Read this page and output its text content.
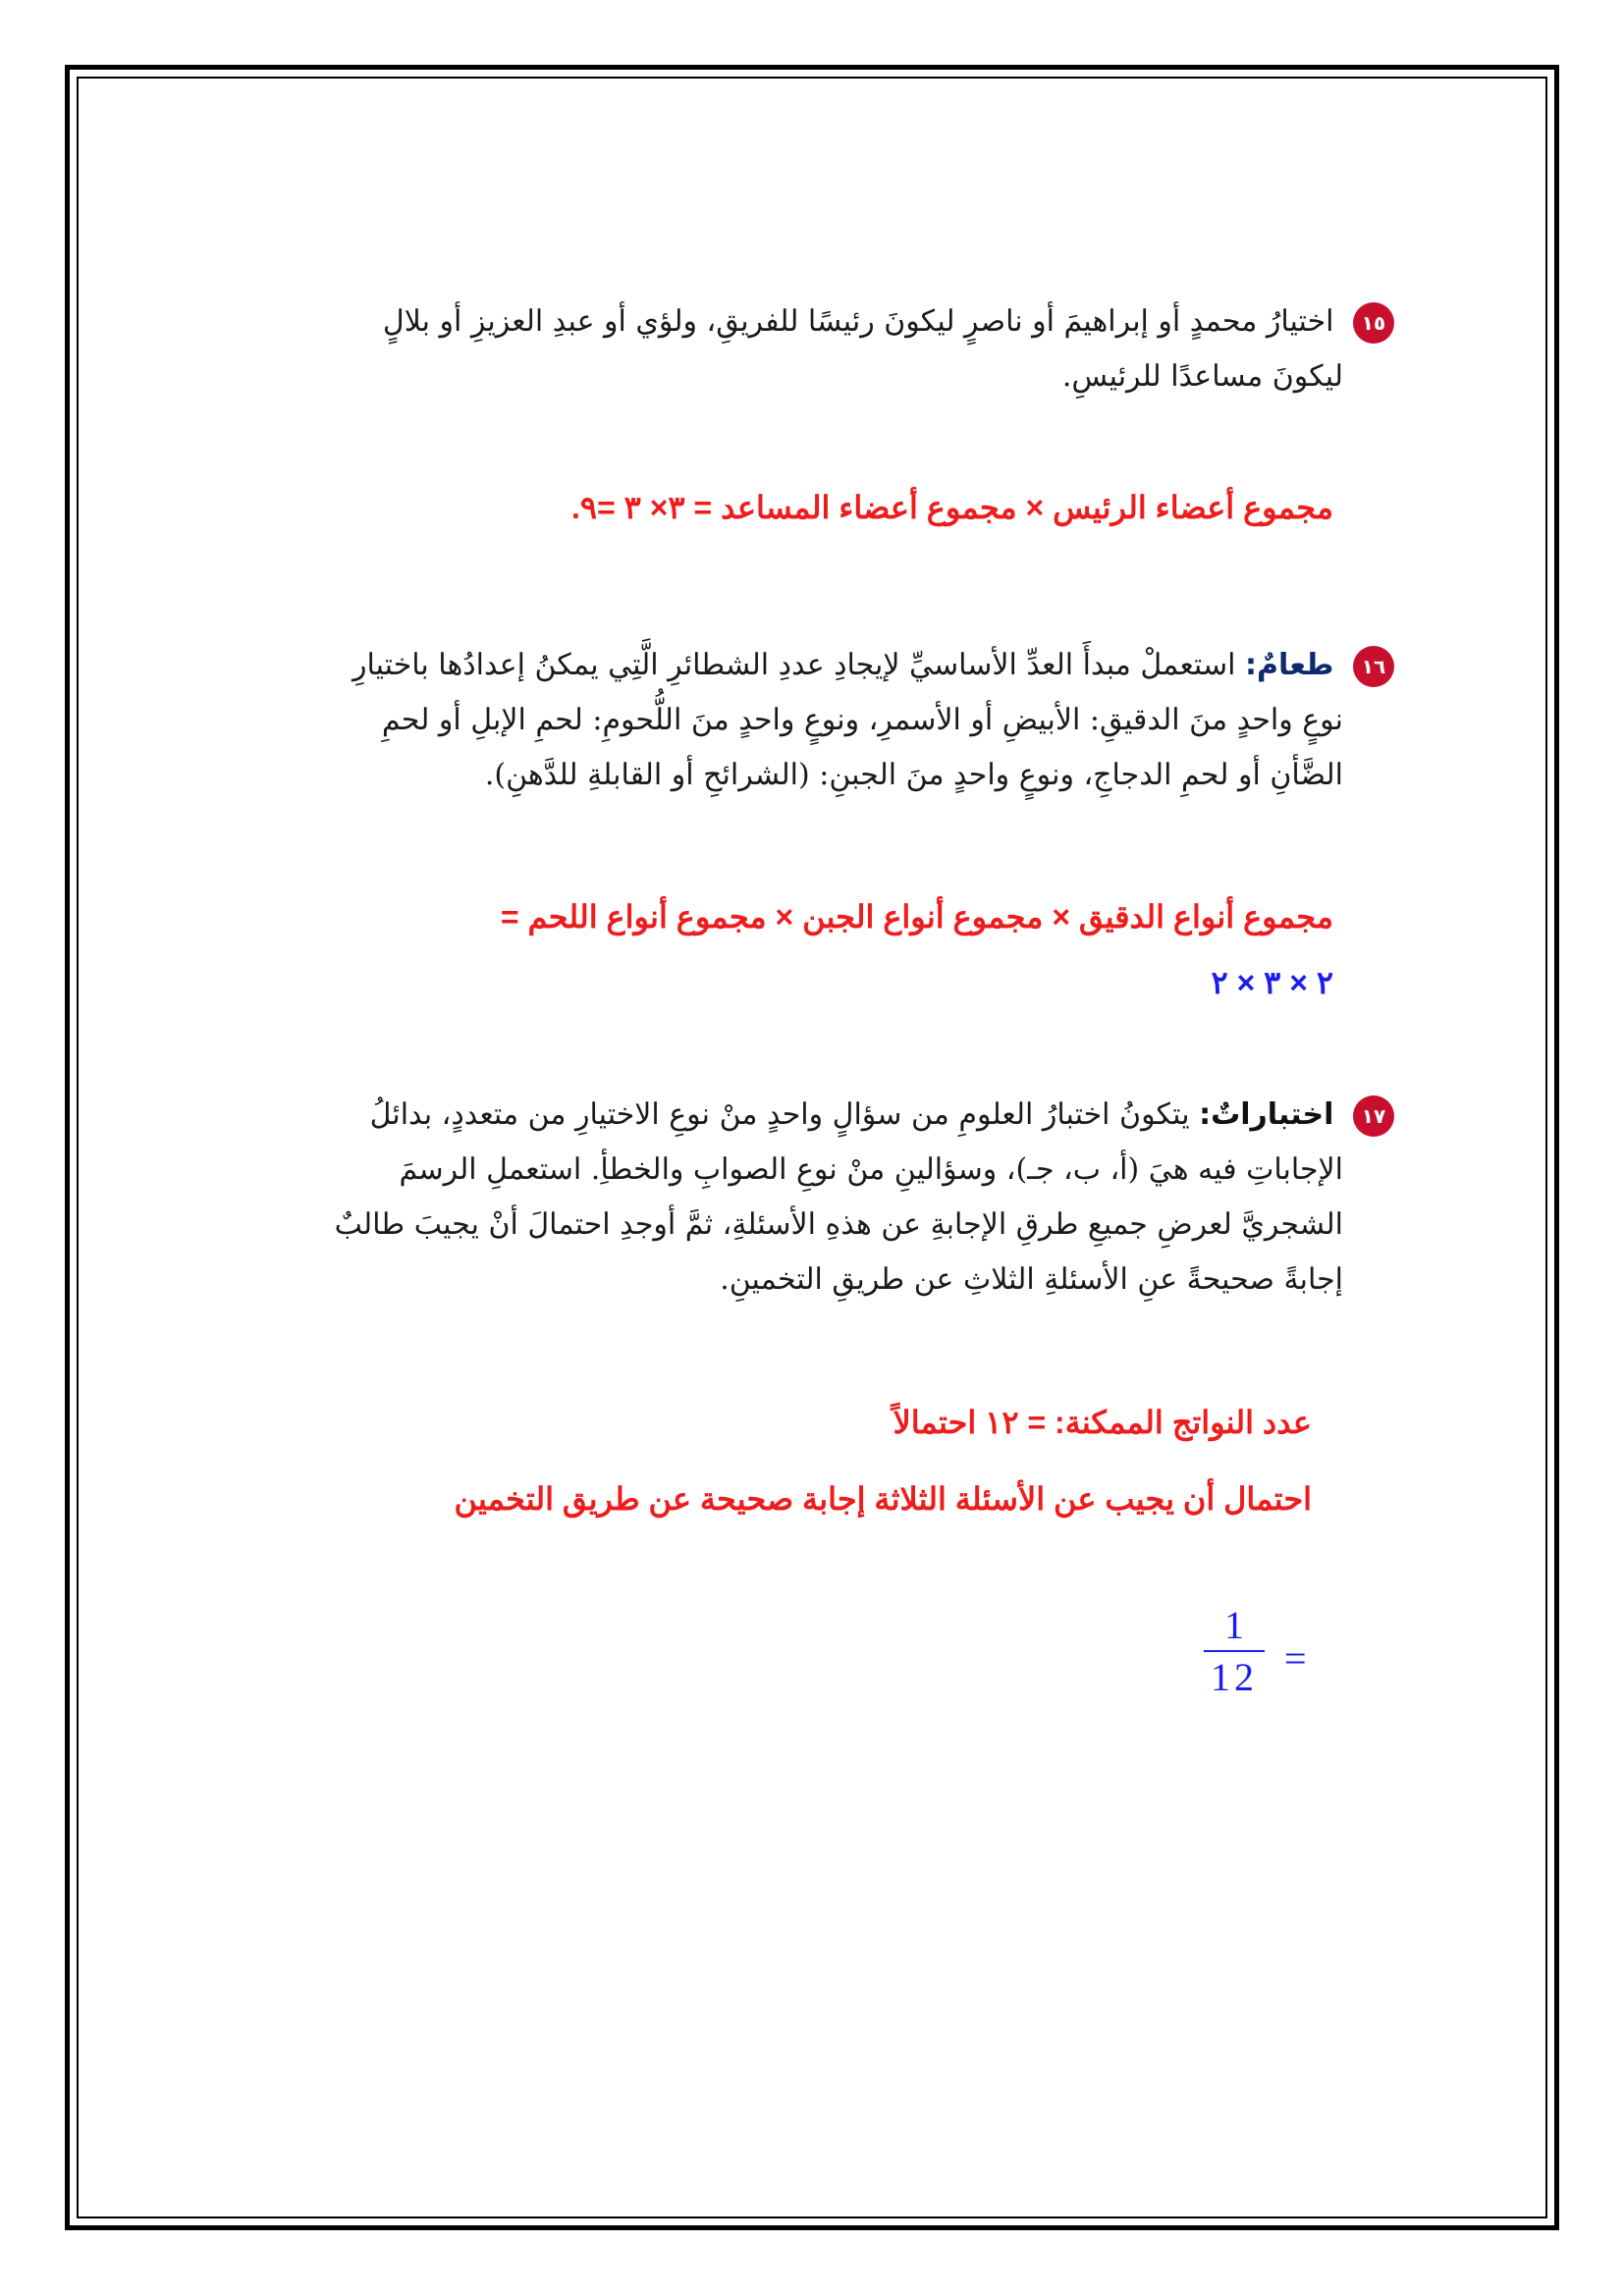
١٥ اختيارُ محمدٍ أو إبراهيمَ أو ناصرٍ ليكونَ رئيسًا للفريقِ، ولؤي أو عبدِ العزيزِ أو بلالٍ
ليكونَ مساعدًا للرئيسِ.
مجموع أعضاء الرئيس × مجموع أعضاء المساعد = ٣× ٣ =٩.
١٦ طعامٌ: استعملْ مبدأَ العدِّ الأساسيِّ لإيجادِ عددِ الشطائرِ الَّتِي يمكنُ إعدادُها باختيارِ
نوعٍ واحدٍ منَ الدقيقِ: الأبيضِ أو الأسمرِ، ونوعٍ واحدٍ منَ اللُّحومِ: لحمِ الإبلِ أو لحمِ
الضَّأنِ أو لحمِ الدجاجِ، ونوعٍ واحدٍ منَ الجبنِ: (الشرائحِ أو القابلةِ للدَّهنِ).
مجموع أنواع الدقيق × مجموع أنواع الجبن × مجموع أنواع اللحم =
٢ × ٣ × ٢
١٧ اختباراتٌ: يتكونُ اختبارُ العلومِ من سؤالٍ واحدٍ منْ نوعِ الاختيارِ من متعددٍ، بدائلُ
الإجاباتِ فيه هيَ (أ، ب، جـ)، وسؤالينِ منْ نوعِ الصوابِ والخطأِ. استعملِ الرسمَ
الشجريَّ لعرضِ جميعِ طرقِ الإجابةِ عن هذهِ الأسئلةِ، ثمَّ أوجدِ احتمالَ أنْ يجيبَ طالبٌ
إجابةً صحيحةً عنِ الأسئلةِ الثلاثِ عن طريقِ التخمينِ.
عدد النواتج الممكنة: = ١٢ احتمالاً
احتمال أن يجيب عن الأسئلة الثلاثة إجابة صحيحة عن طريق التخمين
1
12 =
